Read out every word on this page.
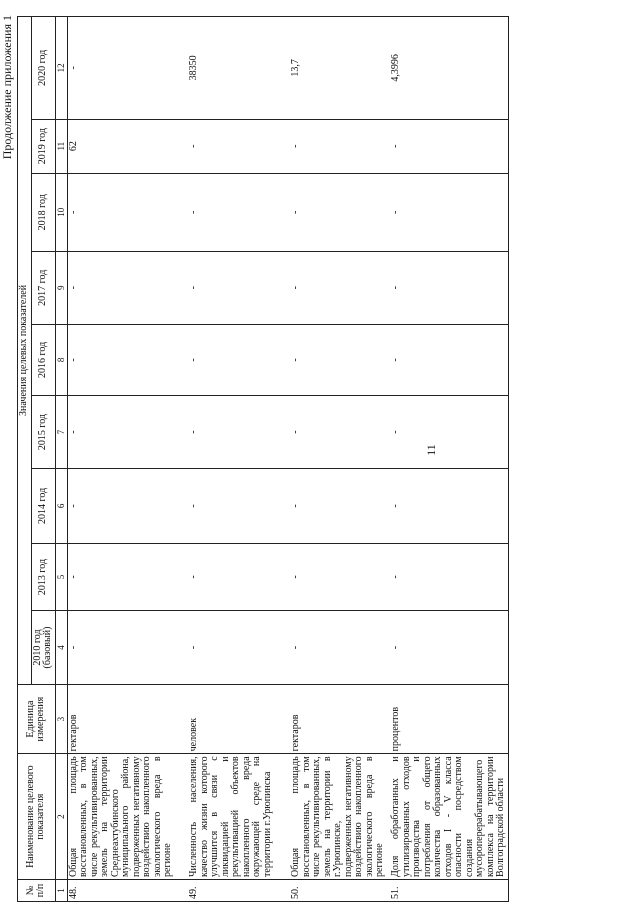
11
Продолжение приложения 1
№ п/п	Наименование целевого показателя	Единица измерения	Значения целевых показателей								
			2010 год (базовый)	2013 год	2014 год	2015 год	2016 год	2017 год	2018 год	2019 год	2020 год
1	2	3	4	5	6	7	8	9	10	11	12
48.	Общая площадь восстановленных, в том числе рекультивированных, земель на территории Среднеахтубинского муниципального района, подверженных негативному воздействию накопленного экологического вреда в регионе	гектаров	-	-	-	-	-	-	-	62	-
49.	Численность населения, качество жизни которого улучшится в связи с ликвидацией и рекультивацией объектов накопленного вреда окружающей среде на территории г.Урюпинска	человек	-	-	-	-	-	-	-	-	38350
50.	Общая площадь восстановленных, в том числе рекультивированных, земель на территории в г.Урюпинске, подверженных негативному воздействию накопленного экологического вреда в регионе	гектаров	-	-	-	-	-	-	-	-	13,7
51.	Доля обработанных и утилизированных отходов производства и потребления от общего количества образованных отходов I - V класса опасности посредством создания мусороперерабатывающего комплекса на территории Волгоградской области	процентов	-	-	-	-	-	-	-	-	4,3996
